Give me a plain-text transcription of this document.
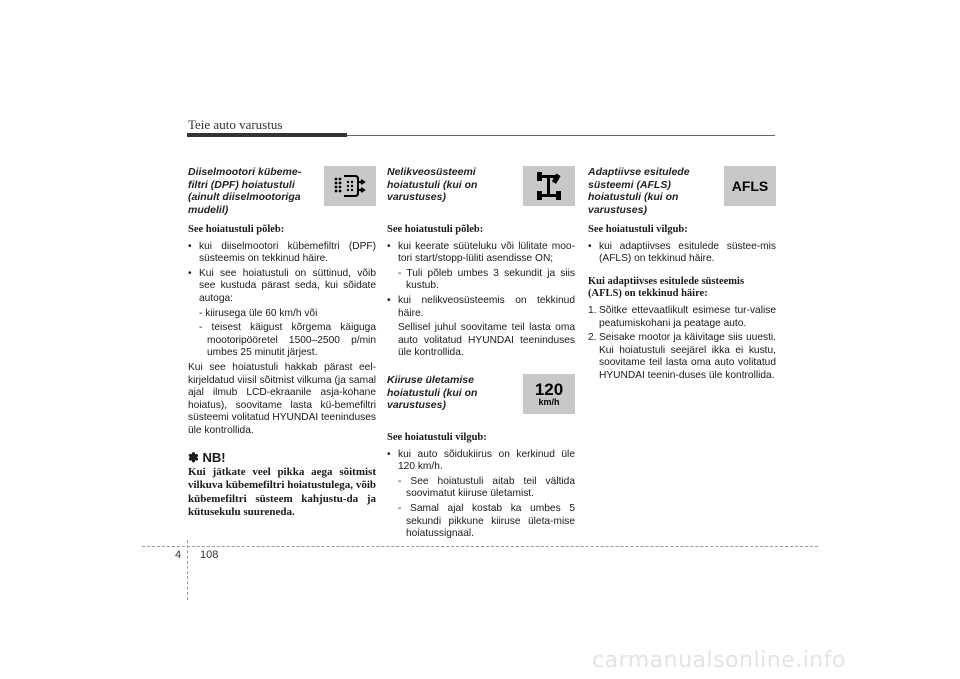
Teie auto varustus
Diiselmootori kübeme-filtri (DPF) hoiatustuli (ainult diiselmootoriga mudelil)

See hoiatustuli põleb:

• kui diiselmootori kübemefiltri (DPF) süsteemis on tekkinud häire.

• Kui see hoiatustuli on süttinud, võib see kustuda pärast seda, kui sõidate autoga:

- kiirusega üle 60 km/h või

- teisest käigust kõrgema käiguga mootoripööretel 1500–2500 p/min umbes 25 minutit järjest.

Kui see hoiatustuli hakkab pärast eel-kirjeldatud viisil sõitmist vilkuma (ja samal ajal ilmub LCD-ekraanile asja-kohane hoiatus), soovitame lasta kü-bemefiltri süsteemi volitatud HYUNDAI teeninduses üle kontrollida.

✽ NB!

Kui jätkate veel pikka aega sõitmist vilkuva kübemefiltri hoiatustulega, võib kübemefiltri süsteem kahjustu-da ja kütusekulu suureneda.

Nelikveosüsteemi hoiatustuli (kui on varustuses)

See hoiatustuli põleb:

• kui keerate süüteluku või lülitate moo-tori start/stopp-lüliti asendisse ON;

- Tuli põleb umbes 3 sekundit ja siis kustub.

• kui nelikveosüsteemis on tekkinud häire.

Sellisel juhul soovitame teil lasta oma auto volitatud HYUNDAI teeninduses üle kontrollida.

Kiiruse ületamise hoiatustuli (kui on varustuses)
120
km/h

See hoiatustuli vilgub:

• kui auto sõidukiirus on kerkinud üle 120 km/h.

- See hoiatustuli aitab teil vältida soovimatut kiiruse ületamist.

- Samal ajal kostab ka umbes 5 sekundi pikkune kiiruse ületa-mise hoiatussignaal.

Adaptiivse esitulede süsteemi (AFLS) hoiatustuli (kui on varustuses)
AFLS

See hoiatustuli vilgub:

• kui adaptiivses esitulede süstee-mis (AFLS) on tekkinud häire.

Kui adaptiivses esitulede süsteemis (AFLS) on tekkinud häire:

1. Sõitke ettevaatlikult esimese tur-valise peatumiskohani ja peatage auto.
2. Seisake mootor ja käivitage siis uuesti. Kui hoiatustuli seejärel ikka ei kustu, soovitame teil lasta oma auto volitatud HYUNDAI teenin-duses üle kontrollida.
4 108
carmanualsonline.info
